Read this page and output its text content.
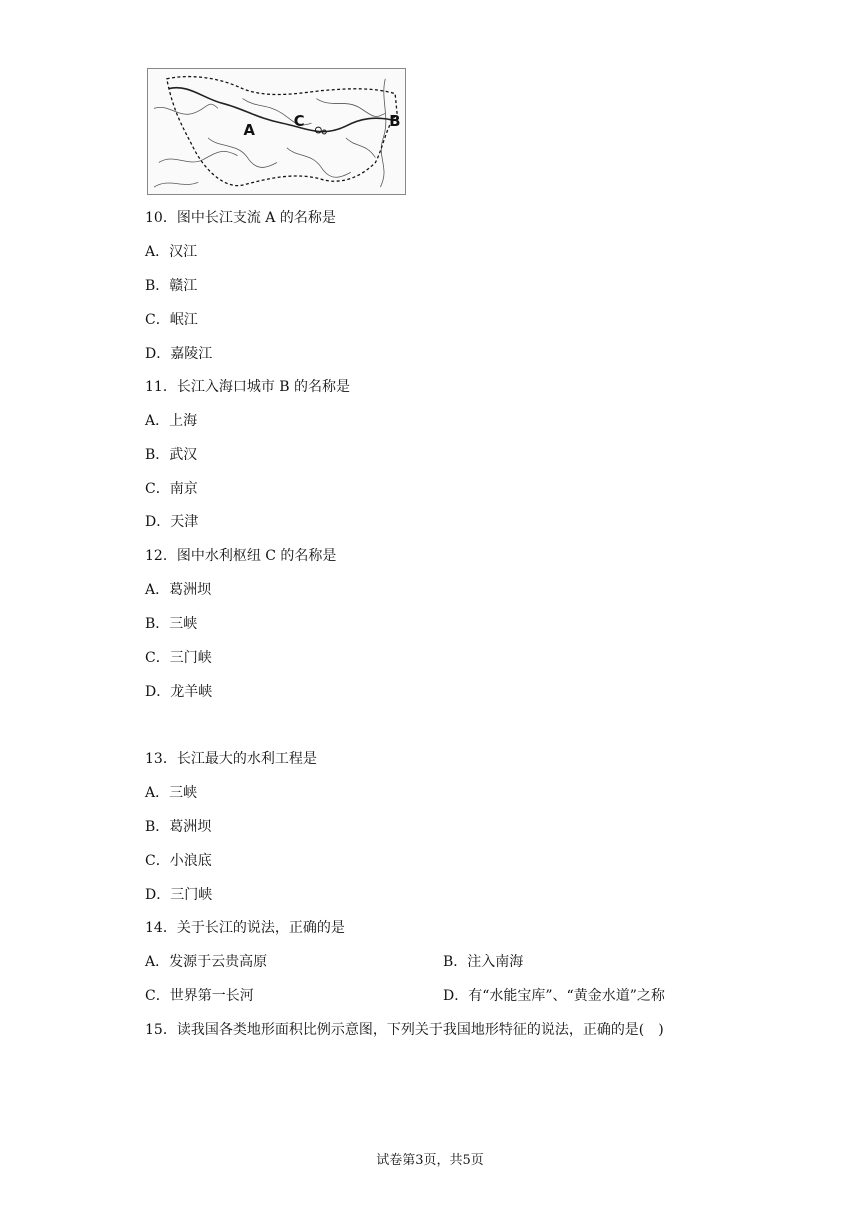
A
C	B
10．图中长江支流 A 的名称是
A．汉江
B．赣江
C．岷江
D．嘉陵江
11．长江入海口城市 B 的名称是
A．上海
B．武汉
C．南京
D．天津
12．图中水利枢纽 C 的名称是
A．葛洲坝
B．三峡
C．三门峡
D．龙羊峡
13．长江最大的水利工程是
A．三峡
B．葛洲坝
C．小浪底
D．三门峡
14．关于长江的说法，正确的是
A．发源于云贵高原	B．注入南海
C．世界第一长河	D．有“水能宝库”、“黄金水道”之称
15．读我国各类地形面积比例示意图，下列关于我国地形特征的说法，正确的是(　)
试卷第3页，共5页
